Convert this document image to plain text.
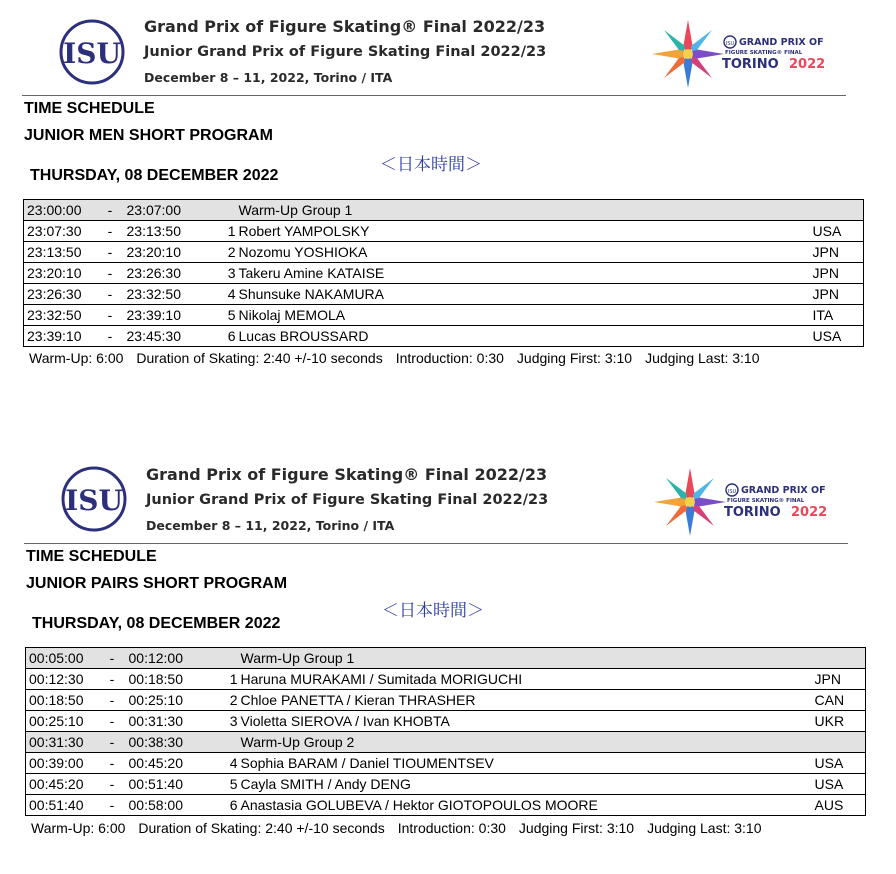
ISU
Grand Prix of Figure Skating® Final 2022/23
Junior Grand Prix of Figure Skating Final 2022/23
December 8 – 11, 2022, Torino / ITA
ISU GRAND PRIX OF
FIGURE SKATING® FINAL
TORINO 2022
TIME SCHEDULE
JUNIOR MEN SHORT PROGRAM
＜日本時間＞
THURSDAY, 08 DECEMBER 2022
23:00:00	-	23:07:00		Warm-Up Group 1	
23:07:30	-	23:13:50	1	Robert YAMPOLSKY	USA
23:13:50	-	23:20:10	2	Nozomu YOSHIOKA	JPN
23:20:10	-	23:26:30	3	Takeru Amine KATAISE	JPN
23:26:30	-	23:32:50	4	Shunsuke NAKAMURA	JPN
23:32:50	-	23:39:10	5	Nikolaj MEMOLA	ITA
23:39:10	-	23:45:30	6	Lucas BROUSSARD	USA
Warm-Up: 6:00 Duration of Skating: 2:40 +/-10 seconds Introduction: 0:30 Judging First: 3:10 Judging Last: 3:10
ISU
Grand Prix of Figure Skating® Final 2022/23
Junior Grand Prix of Figure Skating Final 2022/23
December 8 – 11, 2022, Torino / ITA
ISU GRAND PRIX OF
FIGURE SKATING® FINAL
TORINO 2022
TIME SCHEDULE
JUNIOR PAIRS SHORT PROGRAM
＜日本時間＞
THURSDAY, 08 DECEMBER 2022
00:05:00	-	00:12:00		Warm-Up Group 1	
00:12:30	-	00:18:50	1	Haruna MURAKAMI / Sumitada MORIGUCHI	JPN
00:18:50	-	00:25:10	2	Chloe PANETTA / Kieran THRASHER	CAN
00:25:10	-	00:31:30	3	Violetta SIEROVA / Ivan KHOBTA	UKR
00:31:30	-	00:38:30		Warm-Up Group 2	
00:39:00	-	00:45:20	4	Sophia BARAM / Daniel TIOUMENTSEV	USA
00:45:20	-	00:51:40	5	Cayla SMITH / Andy DENG	USA
00:51:40	-	00:58:00	6	Anastasia GOLUBEVA / Hektor GIOTOPOULOS MOORE	AUS
Warm-Up: 6:00 Duration of Skating: 2:40 +/-10 seconds Introduction: 0:30 Judging First: 3:10 Judging Last: 3:10
